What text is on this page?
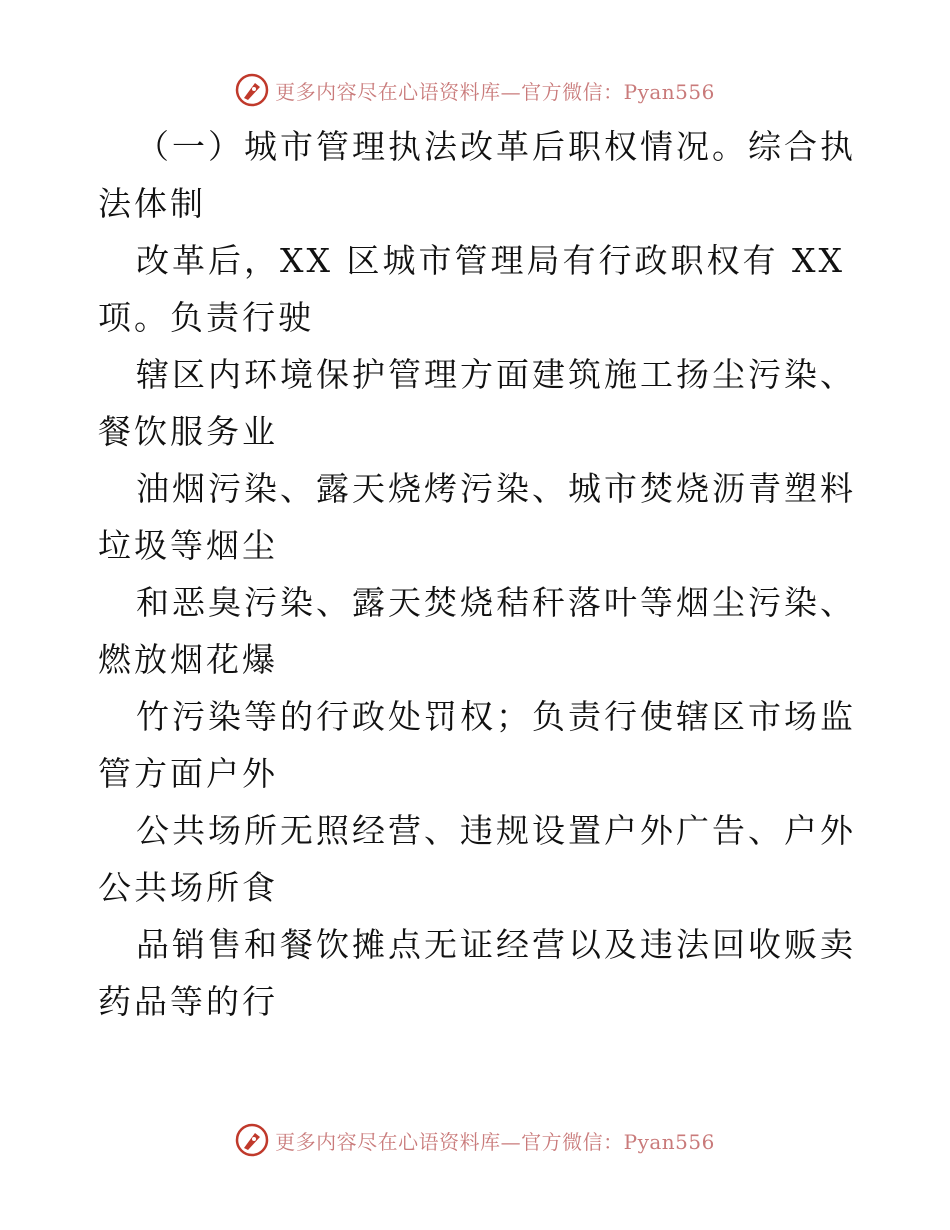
更多内容尽在心语资料库—官方微信：Pyan556

（一）城市管理执法改革后职权情况。综合执法体制

改革后，XX 区城市管理局有行政职权有 XX 项。负责行驶

辖区内环境保护管理方面建筑施工扬尘污染、餐饮服务业

油烟污染、露天烧烤污染、城市焚烧沥青塑料垃圾等烟尘

和恶臭污染、露天焚烧秸秆落叶等烟尘污染、燃放烟花爆

竹污染等的行政处罚权；负责行使辖区市场监管方面户外

公共场所无照经营、违规设置户外广告、户外公共场所食

品销售和餐饮摊点无证经营以及违法回收贩卖药品等的行

更多内容尽在心语资料库—官方微信：Pyan556
